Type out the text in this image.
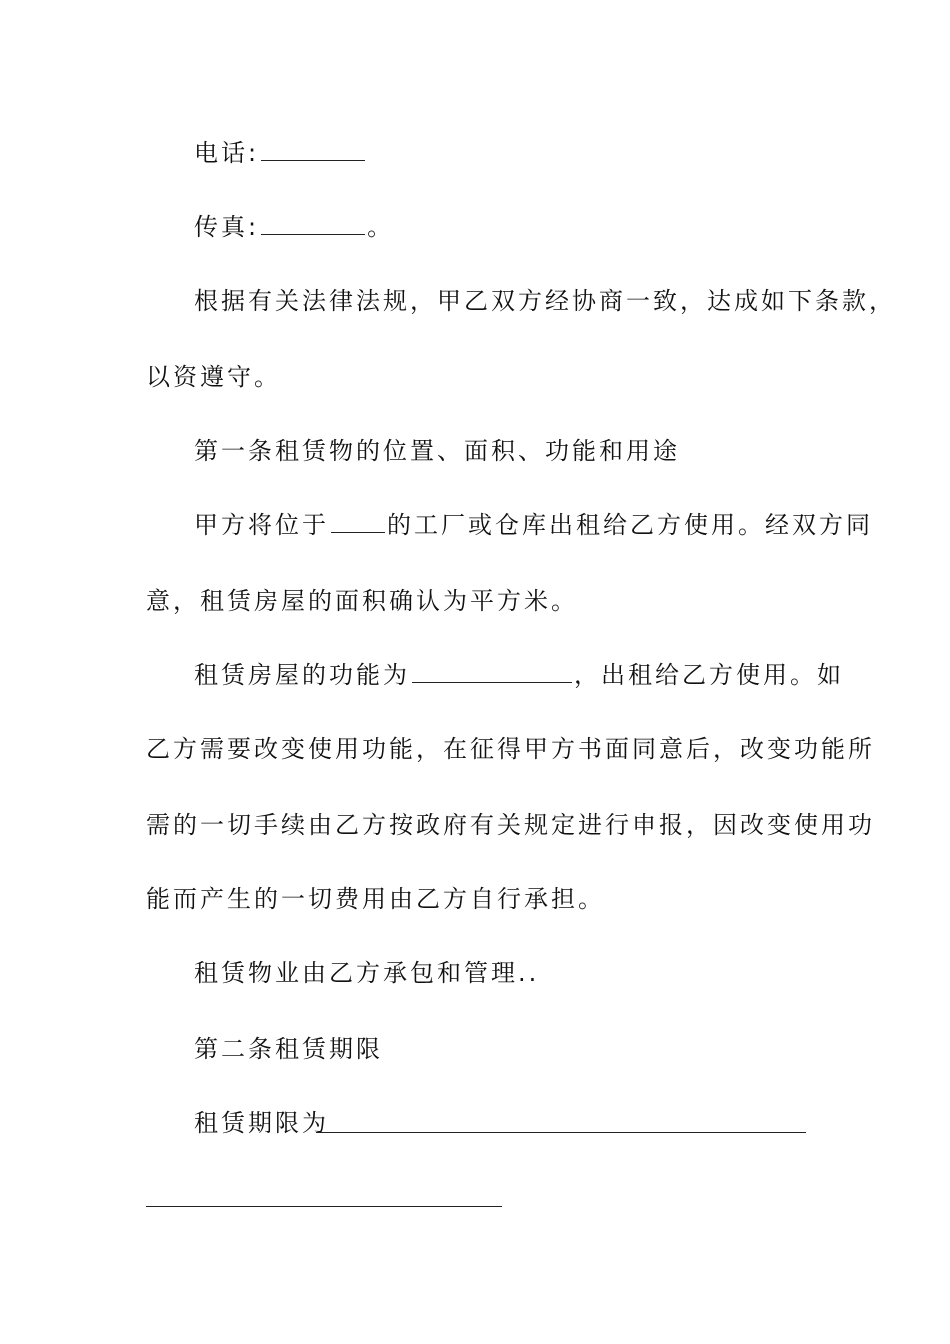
电话:
传真:	。
根据有关法律法规，甲乙双方经协商一致，达成如下条款，
以资遵守。
第一条租赁物的位置、面积、功能和用途
甲方将位于 的工厂或仓库出租给乙方使用。经双方同
意，租赁房屋的面积确认为平方米。
租赁房屋的功能为	，出租给乙方使用。如
乙方需要改变使用功能，在征得甲方书面同意后，改变功能所
需的一切手续由乙方按政府有关规定进行申报，因改变使用功
能而产生的一切费用由乙方自行承担。
租赁物业由乙方承包和管理..
第二条租赁期限
租赁期限为
